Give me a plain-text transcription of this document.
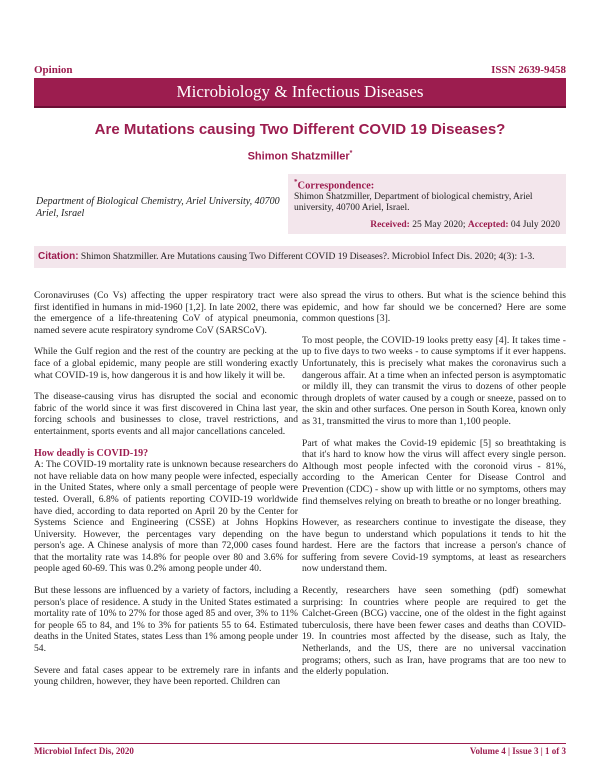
Opinion	ISSN 2639-9458
Microbiology & Infectious Diseases
Are Mutations causing Two Different COVID 19 Diseases?
Shimon Shatzmiller*
Department of Biological Chemistry, Ariel University, 40700 Ariel, Israel
*Correspondence:
Shimon Shatzmiller, Department of biological chemistry, Ariel university, 40700 Ariel, Israel.
Received: 25 May 2020; Accepted: 04 July 2020
Citation: Shimon Shatzmiller. Are Mutations causing Two Different COVID 19 Diseases?. Microbiol Infect Dis. 2020; 4(3): 1-3.

Coronaviruses (Co Vs) affecting the upper respiratory tract were first identified in humans in mid-1960 [1,2]. In late 2002, there was the emergence of a life-threatening CoV of atypical pneumonia, named severe acute respiratory syndrome CoV (SARSCoV).

While the Gulf region and the rest of the country are pecking at the face of a global epidemic, many people are still wondering exactly what COVID-19 is, how dangerous it is and how likely it will be.

The disease-causing virus has disrupted the social and economic fabric of the world since it was first discovered in China last year, forcing schools and businesses to close, travel restrictions, and entertainment, sports events and all major cancellations canceled.

How deadly is COVID-19?

A: The COVID-19 mortality rate is unknown because researchers do not have reliable data on how many people were infected, especially in the United States, where only a small percentage of people were tested. Overall, 6.8% of patients reporting COVID-19 worldwide have died, according to data reported on April 20 by the Center for Systems Science and Engineering (CSSE) at Johns Hopkins University. However, the percentages vary depending on the person's age. A Chinese analysis of more than 72,000 cases found that the mortality rate was 14.8% for people over 80 and 3.6% for people aged 60-69. This was 0.2% among people under 40.

But these lessons are influenced by a variety of factors, including a person's place of residence. A study in the United States estimated a mortality rate of 10% to 27% for those aged 85 and over, 3% to 11% for people 65 to 84, and 1% to 3% for patients 55 to 64. Estimated deaths in the United States, states Less than 1% among people under 54.

Severe and fatal cases appear to be extremely rare in infants and young children, however, they have been reported. Children can

also spread the virus to others. But what is the science behind this epidemic, and how far should we be concerned? Here are some common questions [3].

To most people, the COVID-19 looks pretty easy [4]. It takes time - up to five days to two weeks - to cause symptoms if it ever happens. Unfortunately, this is precisely what makes the coronavirus such a dangerous affair. At a time when an infected person is asymptomatic or mildly ill, they can transmit the virus to dozens of other people through droplets of water caused by a cough or sneeze, passed on to the skin and other surfaces. One person in South Korea, known only as 31, transmitted the virus to more than 1,100 people.

Part of what makes the Covid-19 epidemic [5] so breathtaking is that it's hard to know how the virus will affect every single person. Although most people infected with the coronoid virus - 81%, according to the American Center for Disease Control and Prevention (CDC) - show up with little or no symptoms, others may find themselves relying on breath to breathe or no longer breathing.

However, as researchers continue to investigate the disease, they have begun to understand which populations it tends to hit the hardest. Here are the factors that increase a person's chance of suffering from severe Covid-19 symptoms, at least as researchers now understand them.

Recently, researchers have seen something (pdf) somewhat surprising: In countries where people are required to get the Calchet-Green (BCG) vaccine, one of the oldest in the fight against tuberculosis, there have been fewer cases and deaths than COVID-19. In countries most affected by the disease, such as Italy, the Netherlands, and the US, there are no universal vaccination programs; others, such as Iran, have programs that are too new to the elderly population.

Microbiol Infect Dis, 2020	Volume 4 | Issue 3 | 1 of 3
